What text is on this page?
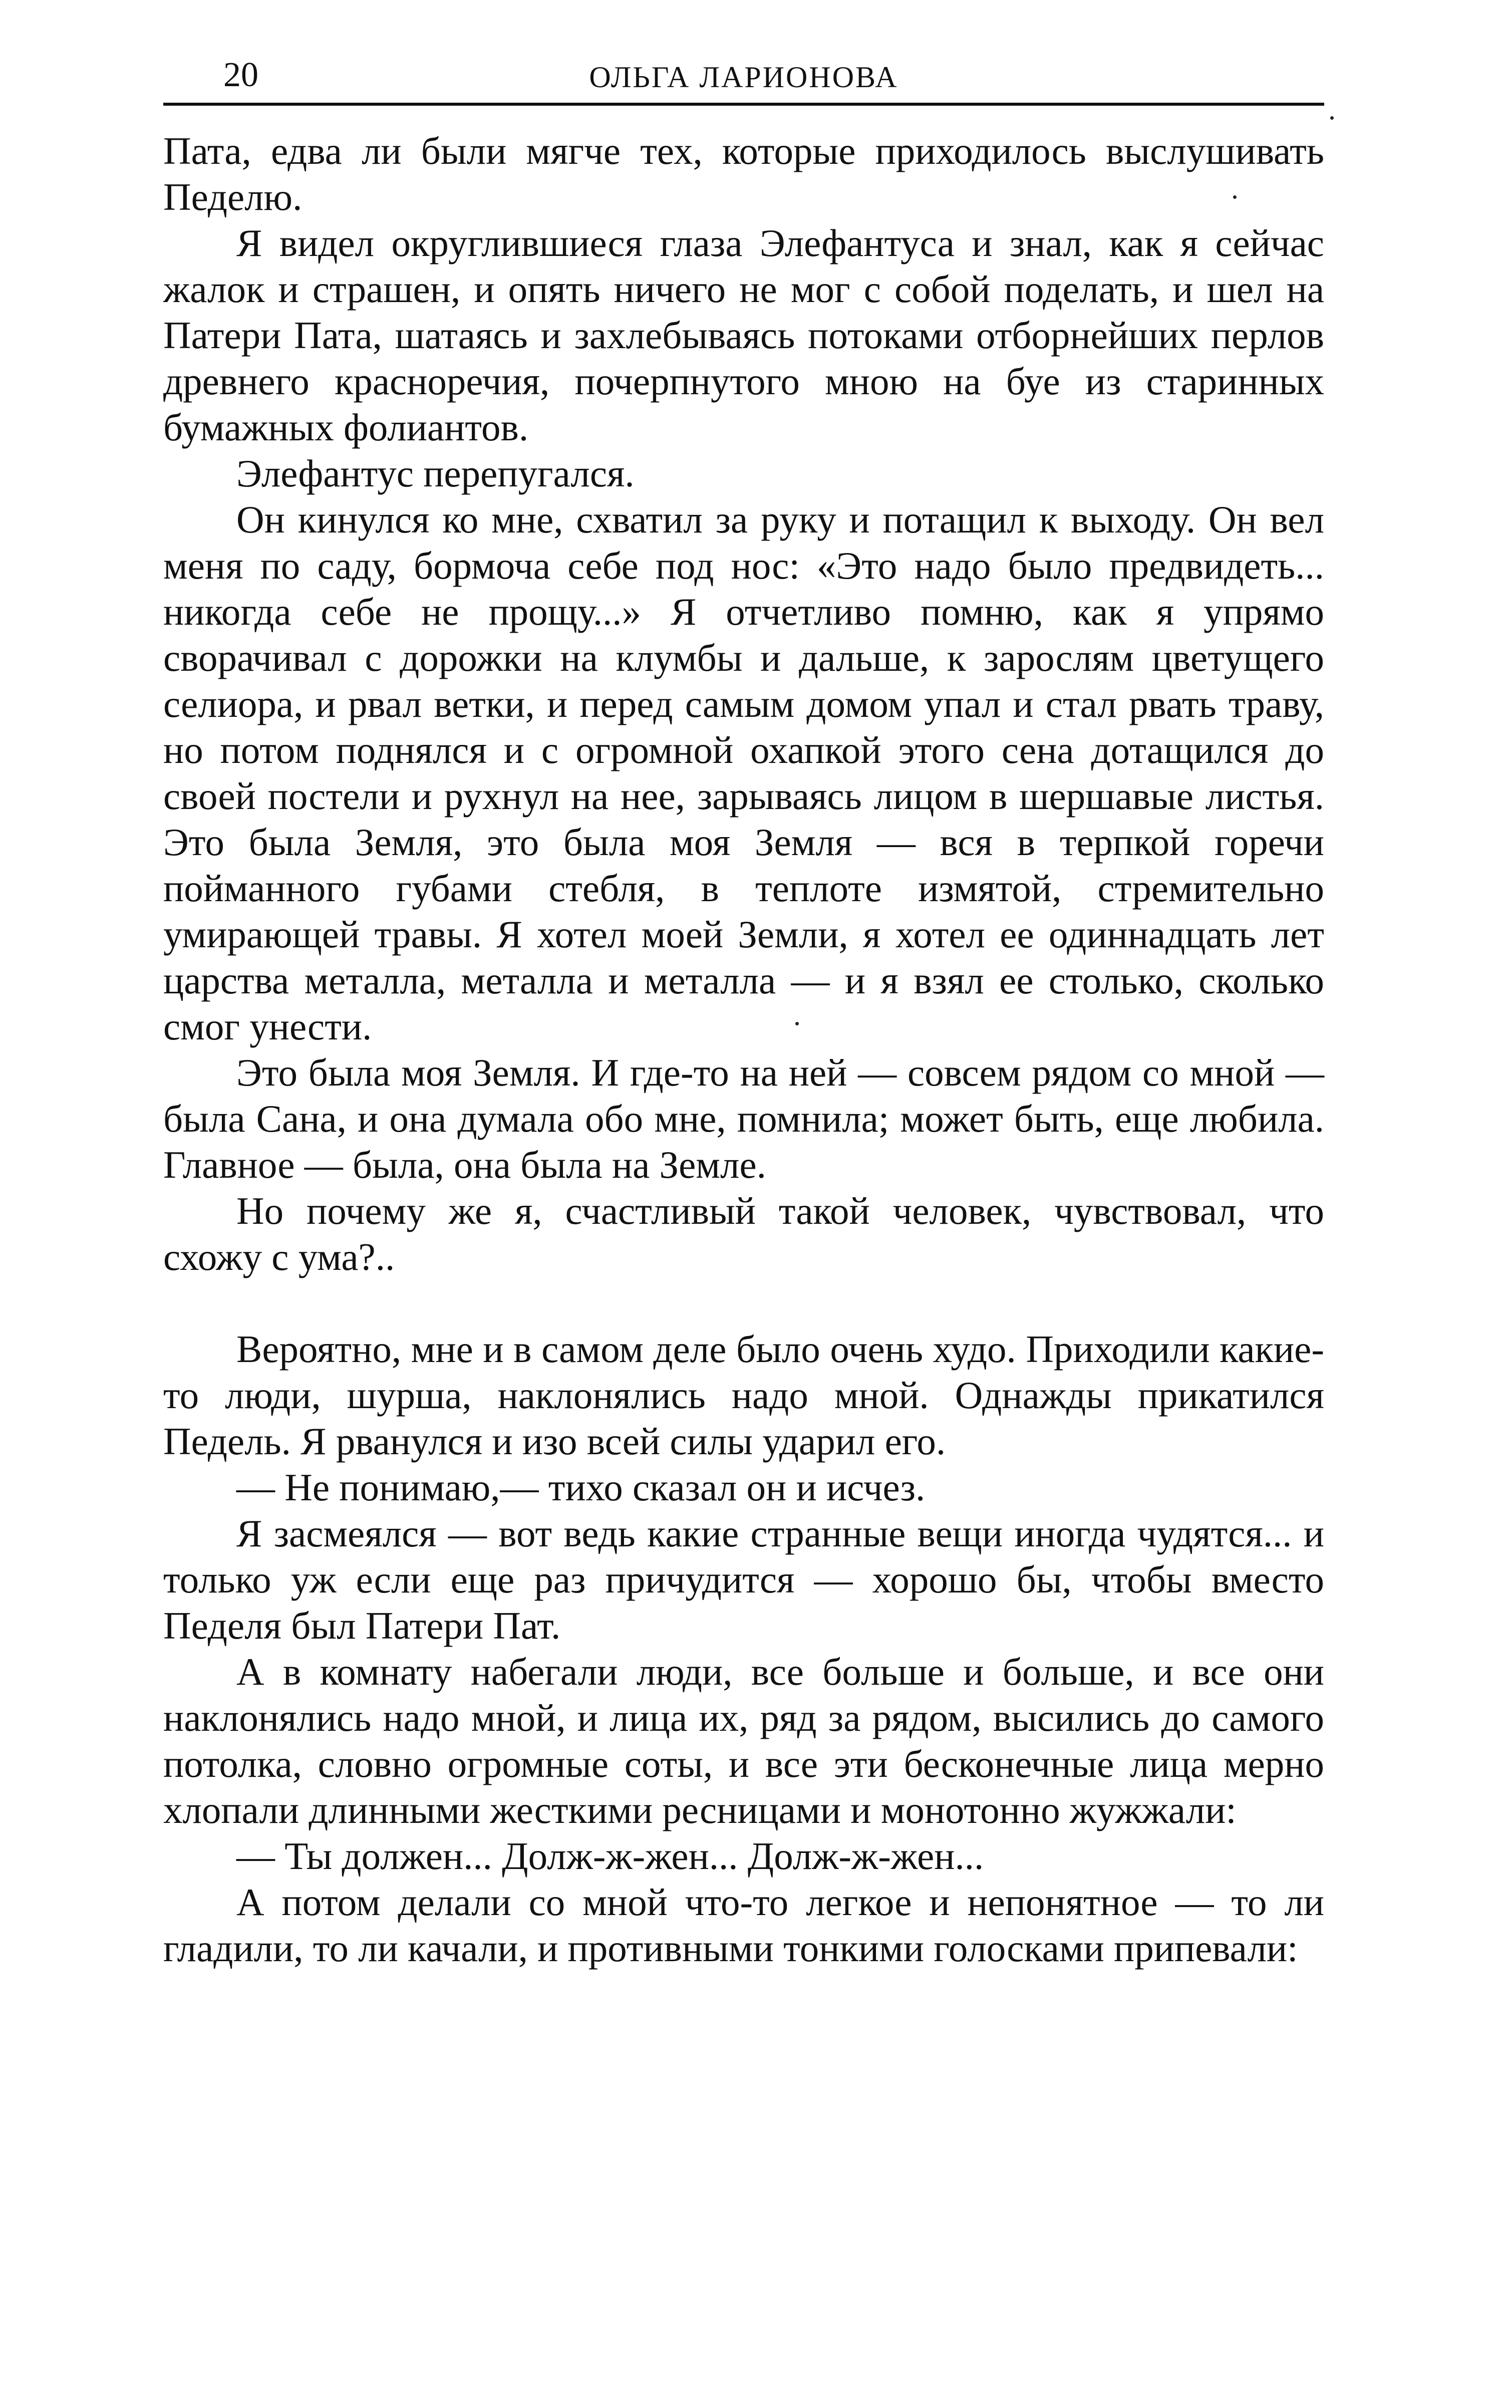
20	ОЛЬГА ЛАРИОНОВА

Пата, едва ли были мягче тех, которые приходилось выслушивать Педелю.

Я видел округлившиеся глаза Элефантуса и знал, как я сейчас жалок и страшен, и опять ничего не мог с собой поделать, и шел на Патери Пата, шатаясь и захлебываясь потоками отборнейших перлов древнего красноречия, почерпнутого мною на буе из старинных бумажных фолиантов.

Элефантус перепугался.

Он кинулся ко мне, схватил за руку и потащил к выходу. Он вел меня по саду, бормоча себе под нос: «Это надо было предвидеть... никогда себе не прощу...» Я отчетливо помню, как я упрямо сворачивал с дорожки на клумбы и дальше, к зарослям цветущего селиора, и рвал ветки, и перед самым домом упал и стал рвать траву, но потом поднялся и с огромной охапкой этого сена дотащился до своей постели и рухнул на нее, зарываясь лицом в шершавые листья. Это была Земля, это была моя Земля — вся в терпкой горечи пойманного губами стебля, в теплоте измятой, стремительно умирающей травы. Я хотел моей Земли, я хотел ее одиннадцать лет царства металла, металла и металла — и я взял ее столько, сколько смог унести.

Это была моя Земля. И где-то на ней — совсем рядом со мной — была Сана, и она думала обо мне, помнила; может быть, еще любила. Главное — была, она была на Земле.

Но почему же я, счастливый такой человек, чувствовал, что схожу с ума?..

Вероятно, мне и в самом деле было очень худо. Приходили какие-то люди, шурша, наклонялись надо мной. Однажды прикатился Педель. Я рванулся и изо всей силы ударил его.

— Не понимаю,— тихо сказал он и исчез.

Я засмеялся — вот ведь какие странные вещи иногда чудятся... и только уж если еще раз причудится — хорошо бы, чтобы вместо Педеля был Патери Пат.

А в комнату набегали люди, все больше и больше, и все они наклонялись надо мной, и лица их, ряд за рядом, высились до самого потолка, словно огромные соты, и все эти бесконечные лица мерно хлопали длинными жесткими ресницами и монотонно жужжали:

— Ты должен... Долж-ж-жен... Долж-ж-жен...

А потом делали со мной что-то легкое и непонятное — то ли гладили, то ли качали, и противными тонкими голосками припевали:
